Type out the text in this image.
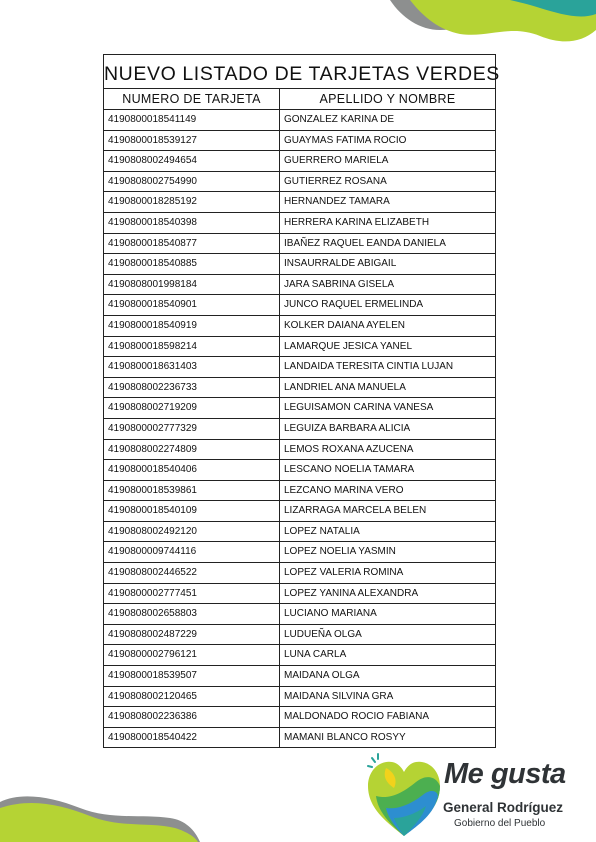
NUEVO LISTADO DE TARJETAS VERDES
NUMERO DE TARJETA	APELLIDO Y NOMBRE
4190800018541149	GONZALEZ KARINA DE
4190800018539127	GUAYMAS FATIMA ROCIO
4190808002494654	GUERRERO MARIELA
4190808002754990	GUTIERREZ ROSANA
4190800018285192	HERNANDEZ TAMARA
4190800018540398	HERRERA KARINA ELIZABETH
4190800018540877	IBAÑEZ RAQUEL EANDA DANIELA
4190800018540885	INSAURRALDE ABIGAIL
4190808001998184	JARA SABRINA GISELA
4190800018540901	JUNCO RAQUEL ERMELINDA
4190800018540919	KOLKER DAIANA AYELEN
4190800018598214	LAMARQUE JESICA YANEL
4190800018631403	LANDAIDA TERESITA CINTIA LUJAN
4190808002236733	LANDRIEL ANA MANUELA
4190808002719209	LEGUISAMON CARINA VANESA
4190800002777329	LEGUIZA BARBARA ALICIA
4190808002274809	LEMOS ROXANA AZUCENA
4190800018540406	LESCANO NOELIA TAMARA
4190800018539861	LEZCANO MARINA VERO
4190800018540109	LIZARRAGA MARCELA BELEN
4190808002492120	LOPEZ NATALIA
4190800009744116	LOPEZ NOELIA YASMIN
4190808002446522	LOPEZ VALERIA ROMINA
4190800002777451	LOPEZ YANINA ALEXANDRA
4190808002658803	LUCIANO MARIANA
4190808002487229	LUDUEÑA OLGA
4190800002796121	LUNA CARLA
4190800018539507	MAIDANA OLGA
4190808002120465	MAIDANA SILVINA GRA
4190808002236386	MALDONADO ROCIO FABIANA
4190800018540422	MAMANI BLANCO ROSYY
Me gusta
General Rodríguez
Gobierno del Pueblo
